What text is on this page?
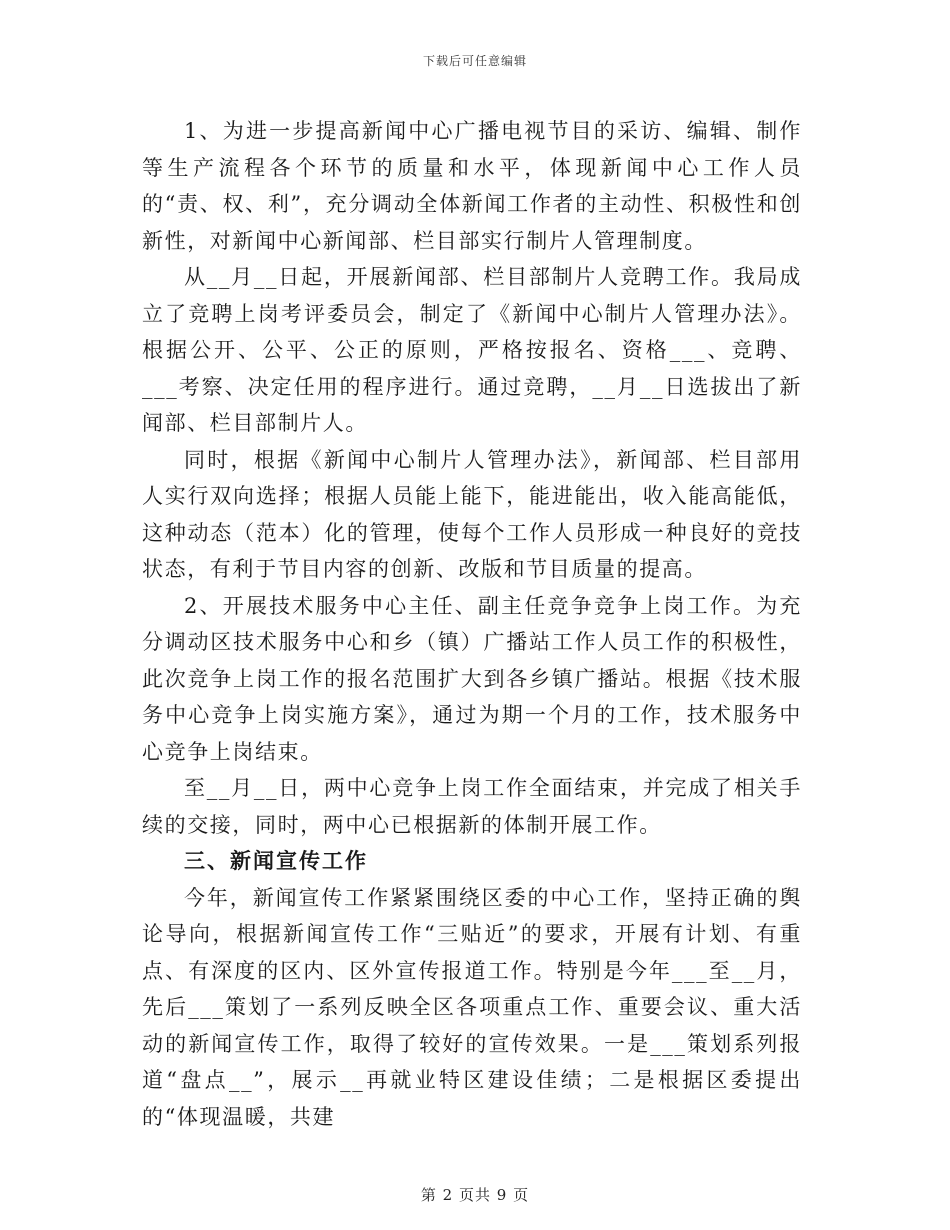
下载后可任意编辑

1、为进一步提高新闻中心广播电视节目的采访、编辑、制作等生产流程各个环节的质量和水平，体现新闻中心工作人员的“责、权、利”，充分调动全体新闻工作者的主动性、积极性和创新性，对新闻中心新闻部、栏目部实行制片人管理制度。

从__月__日起，开展新闻部、栏目部制片人竞聘工作。我局成立了竞聘上岗考评委员会，制定了《新闻中心制片人管理办法》。根据公开、公平、公正的原则，严格按报名、资格___、竞聘、___考察、决定任用的程序进行。通过竞聘，__月__日选拔出了新闻部、栏目部制片人。

同时，根据《新闻中心制片人管理办法》，新闻部、栏目部用人实行双向选择；根据人员能上能下，能进能出，收入能高能低，这种动态（范本）化的管理，使每个工作人员形成一种良好的竞技状态，有利于节目内容的创新、改版和节目质量的提高。

2、开展技术服务中心主任、副主任竞争竞争上岗工作。为充分调动区技术服务中心和乡（镇）广播站工作人员工作的积极性，此次竞争上岗工作的报名范围扩大到各乡镇广播站。根据《技术服务中心竞争上岗实施方案》，通过为期一个月的工作，技术服务中心竞争上岗结束。

至__月__日，两中心竞争上岗工作全面结束，并完成了相关手续的交接，同时，两中心已根据新的体制开展工作。

三、新闻宣传工作

今年，新闻宣传工作紧紧围绕区委的中心工作，坚持正确的舆论导向，根据新闻宣传工作“三贴近”的要求，开展有计划、有重点、有深度的区内、区外宣传报道工作。特别是今年___至__月，先后___策划了一系列反映全区各项重点工作、重要会议、重大活动的新闻宣传工作，取得了较好的宣传效果。一是___策划系列报道“盘点__”，展示__再就业特区建设佳绩；二是根据区委提出的“体现温暖，共建

第 2 页共 9 页
